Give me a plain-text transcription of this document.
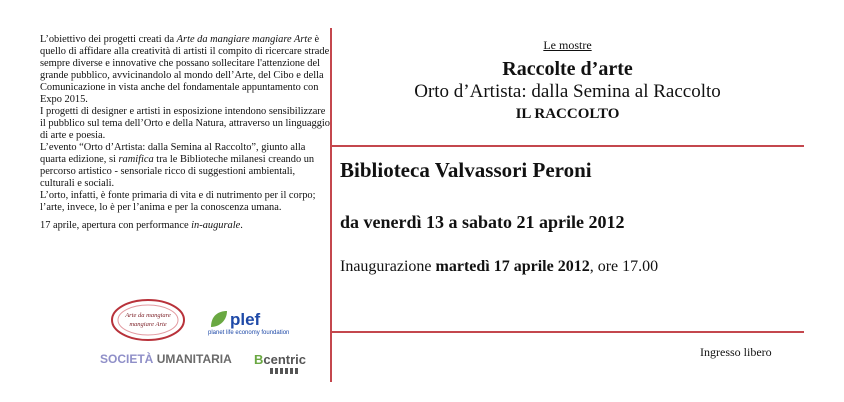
L’obiettivo dei progetti creati da Arte da mangiare mangiare Arte è quello di affidare alla creatività di artisti il compito di ricercare strade sempre diverse e innovative che possano sollecitare l'attenzione del grande pubblico, avvicinandolo al mondo dell’Arte, del Cibo e della Comunicazione in vista anche del fondamentale appuntamento con Expo 2015.

I progetti di designer e artisti in esposizione intendono sensibilizzare il pubblico sul tema dell’Orto e della Natura, attraverso un linguaggio di arte e poesia.

L’evento “Orto d’Artista: dalla Semina al Raccolto”, giunto alla quarta edizione, si ramifica tra le Biblioteche milanesi creando un percorso artistico - sensoriale ricco di suggestioni ambientali, culturali e sociali.

L’orto, infatti, è fonte primaria di vita e di nutrimento per il corpo; l’arte, invece, lo è per l’anima e per la conoscenza umana.

17 aprile, apertura con performance in-augurale.

Arte da mangiare
mangiare Arte	plef
planet life economy foundation
SOCIETÀ UMANITARIA Bcentric
Le mostre
Raccolte d’arte
Orto d’Artista: dalla Semina al Raccolto
IL RACCOLTO
Biblioteca Valvassori Peroni
da venerdì 13 a sabato 21 aprile 2012
Inaugurazione martedì 17 aprile 2012, ore 17.00
Ingresso libero
